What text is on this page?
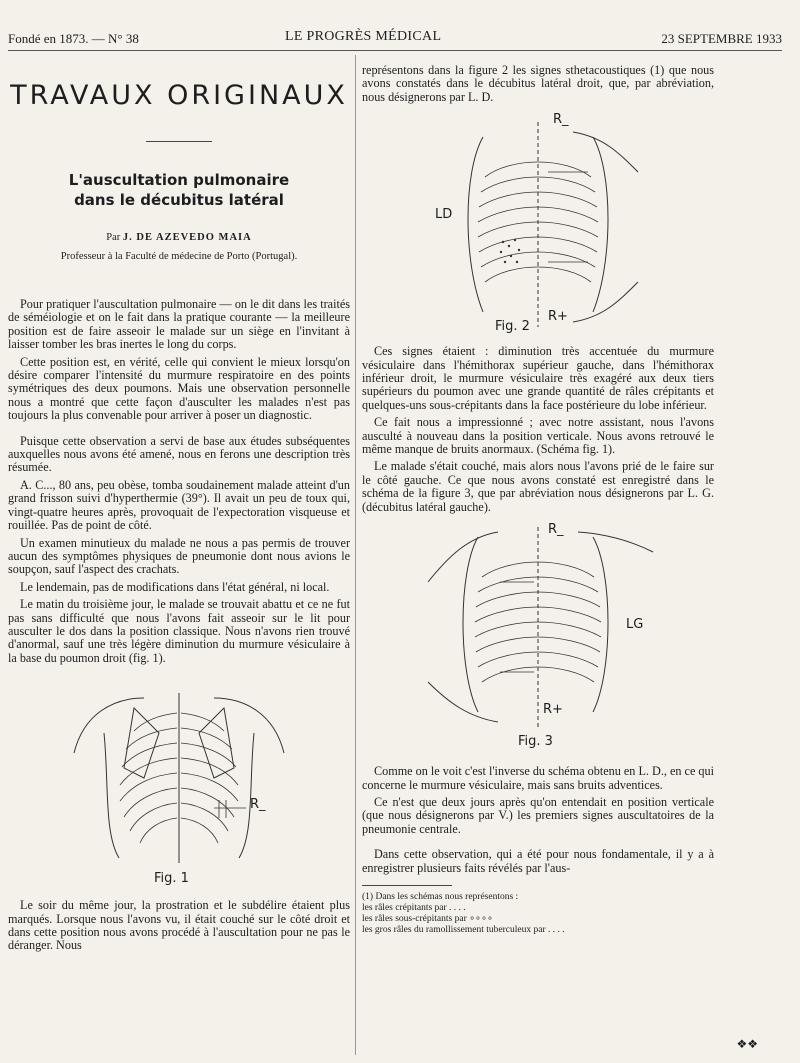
Fondé en 1873. — N° 38	LE PROGRÈS MÉDICAL	23 SEPTEMBRE 1933
TRAVAUX ORIGINAUX
L'auscultation pulmonaire
dans le décubitus latéral
Par J. DE AZEVEDO MAIA
Professeur à la Faculté de médecine de Porto (Portugal).

Pour pratiquer l'auscultation pulmonaire — on le dit dans les traités de séméiologie et on le fait dans la pratique courante — la meilleure position est de faire asseoir le malade sur un siège en l'invitant à laisser tomber les bras inertes le long du corps.

Cette position est, en vérité, celle qui convient le mieux lorsqu'on désire comparer l'intensité du murmure respiratoire en des points symétriques des deux poumons. Mais une observation personnelle nous a montré que cette façon d'ausculter les malades n'est pas toujours la plus convenable pour arriver à poser un diagnostic.

Puisque cette observation a servi de base aux études subséquentes auxquelles nous avons été amené, nous en ferons une description très résumée.

A. C..., 80 ans, peu obèse, tomba soudainement malade atteint d'un grand frisson suivi d'hyperthermie (39°). Il avait un peu de toux qui, vingt-quatre heures après, provoquait de l'expectoration visqueuse et rouillée. Pas de point de côté.

Un examen minutieux du malade ne nous a pas permis de trouver aucun des symptômes physiques de pneumonie dont nous avions le soupçon, sauf l'aspect des crachats.

Le lendemain, pas de modifications dans l'état général, ni local.

Le matin du troisième jour, le malade se trouvait abattu et ce ne fut pas sans difficulté que nous l'avons fait asseoir sur le lit pour ausculter le dos dans la position classique. Nous n'avons rien trouvé d'anormal, sauf une très légère diminution du murmure vésiculaire à la base du poumon droit (fig. 1).

Fig. 1
R_

Le soir du même jour, la prostration et le subdélire étaient plus marqués. Lorsque nous l'avons vu, il était couché sur le côté droit et dans cette position nous avons procédé à l'auscultation pour ne pas le déranger. Nous

représentons dans la figure 2 les signes sthetacoustiques (1) que nous avons constatés dans le décubitus latéral droit, que, par abréviation, nous désignerons par L. D.

Fig. 2
R_
R+
LD

Ces signes étaient : diminution très accentuée du murmure vésiculaire dans l'hémithorax supérieur gauche, dans l'hémithorax inférieur droit, le murmure vésiculaire très exagéré aux deux tiers supérieurs du poumon avec une grande quantité de râles crépitants et quelques-uns sous-crépitants dans la face postérieure du lobe inférieur.

Ce fait nous a impressionné ; avec notre assistant, nous l'avons ausculté à nouveau dans la position verticale. Nous avons retrouvé le même manque de bruits anormaux. (Schéma fig. 1).

Le malade s'était couché, mais alors nous l'avons prié de le faire sur le côté gauche. Ce que nous avons constaté est enregistré dans le schéma de la figure 3, que par abréviation nous désignerons par L. G. (décubitus latéral gauche).

Fig. 3
R_
R+
LG

Comme on le voit c'est l'inverse du schéma obtenu en L. D., en ce qui concerne le murmure vésiculaire, mais sans bruits adventices.

Ce n'est que deux jours après qu'on entendait en position verticale (que nous désignerons par V.) les premiers signes auscultatoires de la pneumonie centrale.

Dans cette observation, qui a été pour nous fondamentale, il y a à enregistrer plusieurs faits révélés par l'aus-

(1) Dans les schémas nous représentons :

les râles crépitants par . . . .

les râles sous-crépitants par ∘∘∘∘

les gros râles du ramollissement tuberculeux par . . . .

❖❖
